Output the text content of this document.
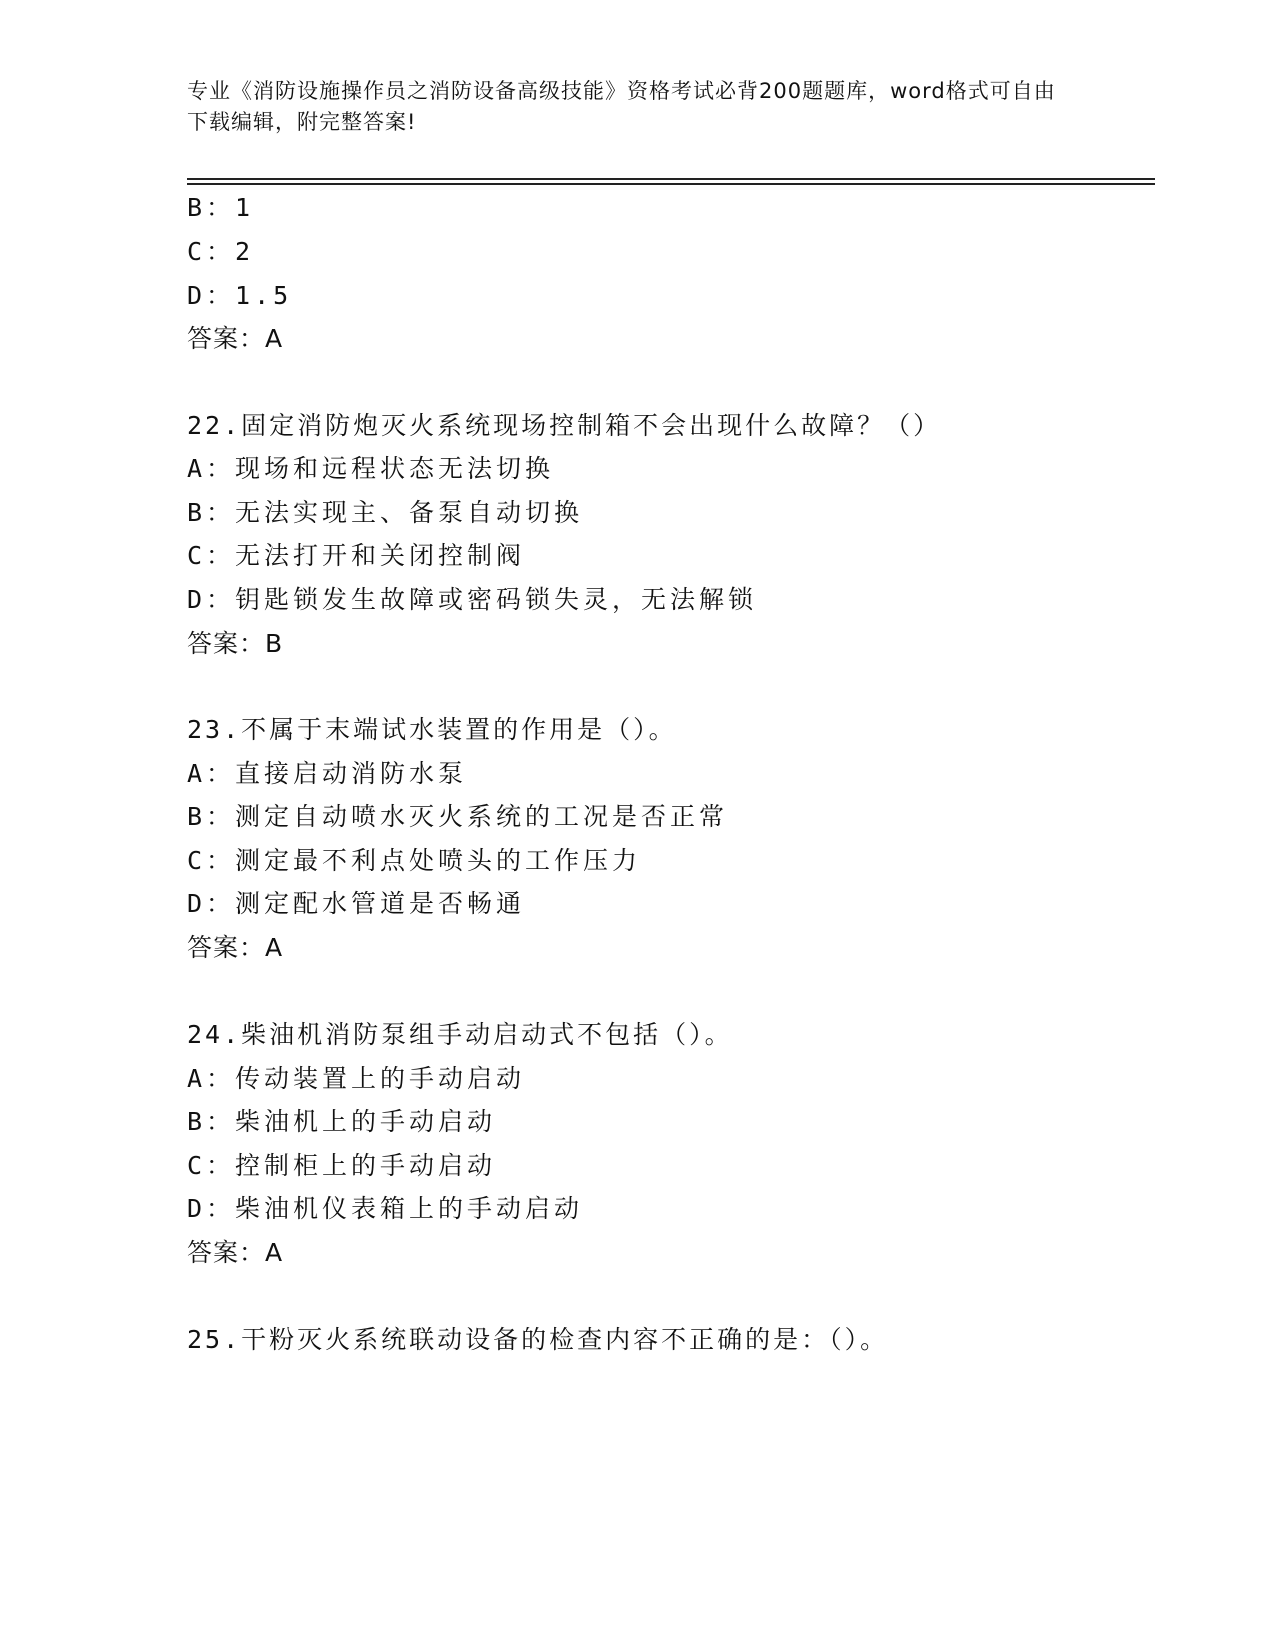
专业《消防设施操作员之消防设备高级技能》资格考试必背200题题库，word格式可自由下载编辑，附完整答案!

B：1
C：2
D：1.5
答案：A
22.固定消防炮灭火系统现场控制箱不会出现什么故障？（）
A：现场和远程状态无法切换
B：无法实现主、备泵自动切换
C：无法打开和关闭控制阀
D：钥匙锁发生故障或密码锁失灵，无法解锁
答案：B
23.不属于末端试水装置的作用是（）。
A：直接启动消防水泵
B：测定自动喷水灭火系统的工况是否正常
C：测定最不利点处喷头的工作压力
D：测定配水管道是否畅通
答案：A
24.柴油机消防泵组手动启动式不包括（）。
A：传动装置上的手动启动
B：柴油机上的手动启动
C：控制柜上的手动启动
D：柴油机仪表箱上的手动启动
答案：A
25.干粉灭火系统联动设备的检查内容不正确的是：（）。
